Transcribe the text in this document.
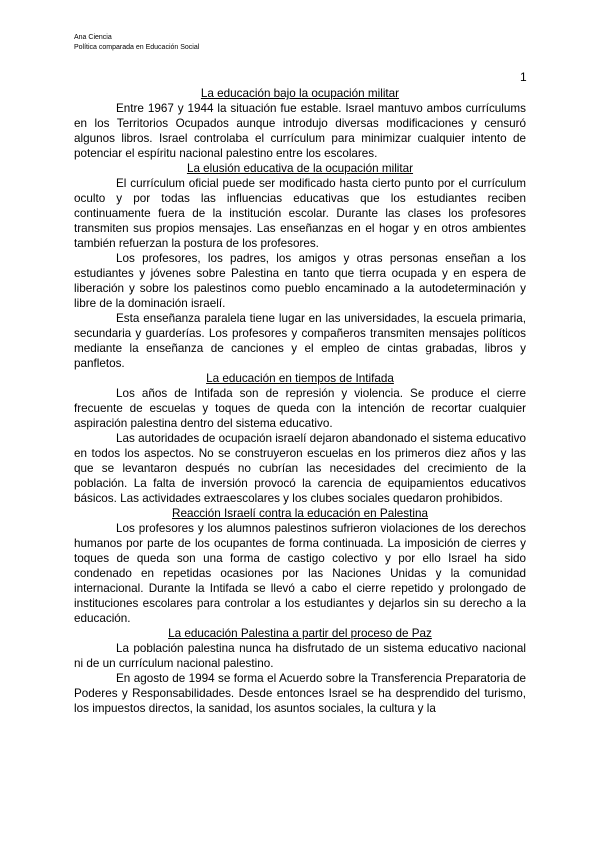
Ana Ciencia
Política comparada en Educación Social
1
La educación bajo la ocupación militar

Entre 1967 y 1944 la situación fue estable. Israel mantuvo ambos currículums en los Territorios Ocupados aunque introdujo diversas modificaciones y censuró algunos libros. Israel controlaba el currículum para minimizar cualquier intento de potenciar el espíritu nacional palestino entre los escolares.

La elusión educativa de la ocupación militar

El currículum oficial puede ser modificado hasta cierto punto por el currículum oculto y por todas las influencias educativas que los estudiantes reciben continuamente fuera de la institución escolar. Durante las clases los profesores transmiten sus propios mensajes. Las enseñanzas en el hogar y en otros ambientes también refuerzan la postura de los profesores.

Los profesores, los padres, los amigos y otras personas enseñan a los estudiantes y jóvenes sobre Palestina en tanto que tierra ocupada y en espera de liberación y sobre los palestinos como pueblo encaminado a la autodeterminación y libre de la dominación israelí.

Esta enseñanza paralela tiene lugar en las universidades, la escuela primaria, secundaria y guarderías. Los profesores y compañeros transmiten mensajes políticos mediante la enseñanza de canciones y el empleo de cintas grabadas, libros y panfletos.

La educación en tiempos de Intifada

Los años de Intifada son de represión y violencia. Se produce el cierre frecuente de escuelas y toques de queda con la intención de recortar cualquier aspiración palestina dentro del sistema educativo.

Las autoridades de ocupación israelí dejaron abandonado el sistema educativo en todos los aspectos. No se construyeron escuelas en los primeros diez años y las que se levantaron después no cubrían las necesidades del crecimiento de la población. La falta de inversión provocó la carencia de equipamientos educativos básicos. Las actividades extraescolares y los clubes sociales quedaron prohibidos.

Reacción Israelí contra la educación en Palestina

Los profesores y los alumnos palestinos sufrieron violaciones de los derechos humanos por parte de los ocupantes de forma continuada. La imposición de cierres y toques de queda son una forma de castigo colectivo y por ello Israel ha sido condenado en repetidas ocasiones por las Naciones Unidas y la comunidad internacional. Durante la Intifada se llevó a cabo el cierre repetido y prolongado de instituciones escolares para controlar a los estudiantes y dejarlos sin su derecho a la educación.

La educación Palestina a partir del proceso de Paz

La población palestina nunca ha disfrutado de un sistema educativo nacional ni de un currículum nacional palestino.

En agosto de 1994 se forma el Acuerdo sobre la Transferencia Preparatoria de Poderes y Responsabilidades. Desde entonces Israel se ha desprendido del turismo, los impuestos directos, la sanidad, los asuntos sociales, la cultura y la
